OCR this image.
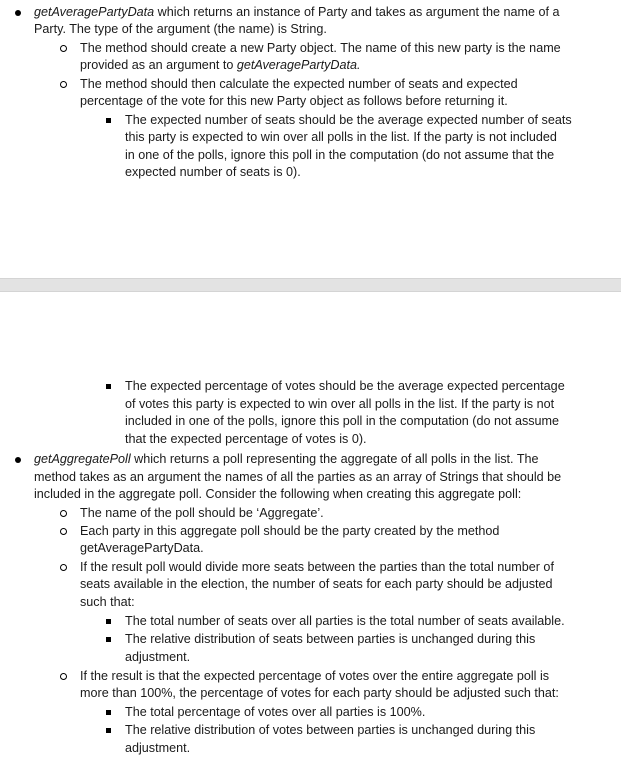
getAveragePartyData which returns an instance of Party and takes as argument the name of a
Party. The type of the argument (the name) is String.
The method should create a new Party object. The name of this new party is the name
provided as an argument to getAveragePartyData.
The method should then calculate the expected number of seats and expected
percentage of the vote for this new Party object as follows before returning it.
The expected number of seats should be the average expected number of seats
this party is expected to win over all polls in the list. If the party is not included
in one of the polls, ignore this poll in the computation (do not assume that the
expected number of seats is 0).
The expected percentage of votes should be the average expected percentage
of votes this party is expected to win over all polls in the list. If the party is not
included in one of the polls, ignore this poll in the computation (do not assume
that the expected percentage of votes is 0).
getAggregatePoll which returns a poll representing the aggregate of all polls in the list. The
method takes as an argument the names of all the parties as an array of Strings that should be
included in the aggregate poll. Consider the following when creating this aggregate poll:
The name of the poll should be ‘Aggregate’.
Each party in this aggregate poll should be the party created by the method
getAveragePartyData.
If the result poll would divide more seats between the parties than the total number of
seats available in the election, the number of seats for each party should be adjusted
such that:
The total number of seats over all parties is the total number of seats available.
The relative distribution of seats between parties is unchanged during this
adjustment.
If the result is that the expected percentage of votes over the entire aggregate poll is
more than 100%, the percentage of votes for each party should be adjusted such that:
The total percentage of votes over all parties is 100%.
The relative distribution of votes between parties is unchanged during this
adjustment.
